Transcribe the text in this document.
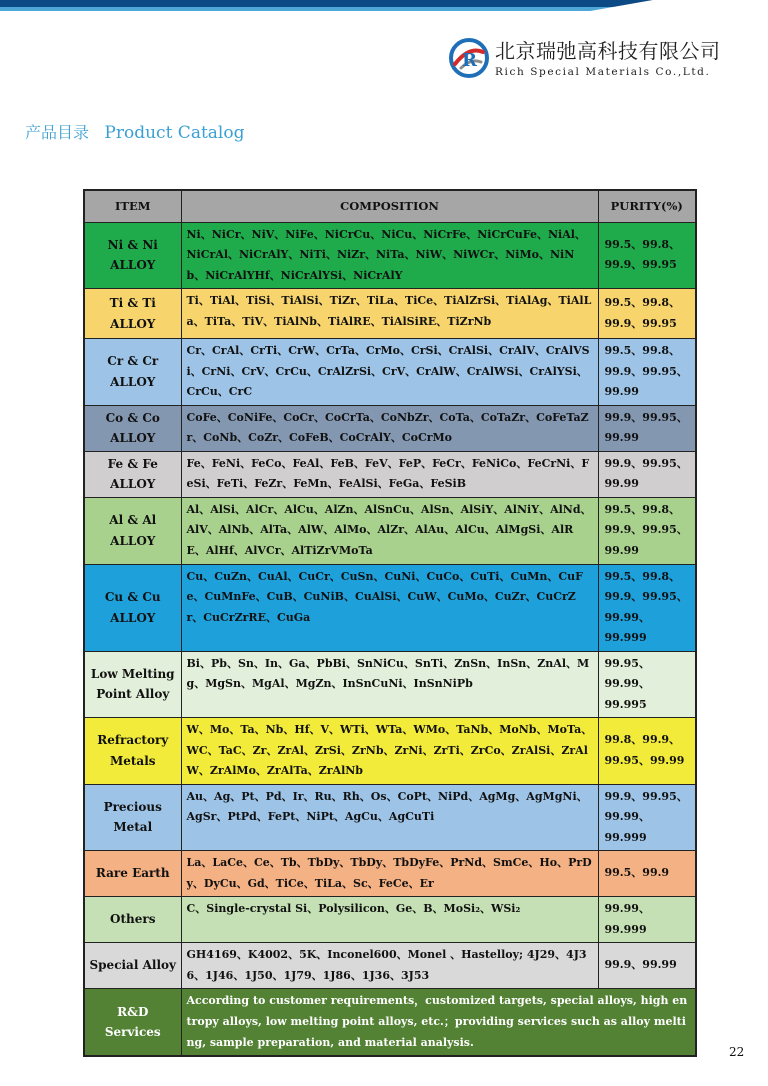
R 北京瑞弛高科技有限公司
Rich Special Materials Co.,Ltd.
产品目录 Product Catalog
ITEM	COMPOSITION	PURITY(%)

Ni & Ni
ALLOY	Ni、NiCr、NiV、NiFe、NiCrCu、NiCu、NiCrFe、NiCrCuFe、NiAl、NiCrAl、NiCrAlY、NiTi、NiZr、NiTa、NiW、NiWCr、NiMo、NiNb、NiCrAlYHf、NiCrAlYSi、NiCrAlY	99.5、99.8、99.9、99.95

Ti & Ti
ALLOY	Ti、TiAl、TiSi、TiAlSi、TiZr、TiLa、TiCe、TiAlZrSi、TiAlAg、TiAlLa、TiTa、TiV、TiAlNb、TiAlRE、TiAlSiRE、TiZrNb	99.5、99.8、99.9、99.95

Cr & Cr
ALLOY	Cr、CrAl、CrTi、CrW、CrTa、CrMo、CrSi、CrAlSi、CrAlV、CrAlVSi、CrNi、CrV、CrCu、CrAlZrSi、CrV、CrAlW、CrAlWSi、CrAlYSi、CrCu、CrC	99.5、99.8、99.9、99.95、99.99

Co & Co
ALLOY	CoFe、CoNiFe、CoCr、CoCrTa、CoNbZr、CoTa、CoTaZr、CoFeTaZr、CoNb、CoZr、CoFeB、CoCrAlY、CoCrMo	99.9、99.95、99.99

Fe & Fe
ALLOY	Fe、FeNi、FeCo、FeAl、FeB、FeV、FeP、FeCr、FeNiCo、FeCrNi、FeSi、FeTi、FeZr、FeMn、FeAlSi、FeGa、FeSiB	99.9、99.95、99.99

Al & Al
ALLOY	Al、AlSi、AlCr、AlCu、AlZn、AlSnCu、AlSn、AlSiY、AlNiY、AlNd、AlV、AlNb、AlTa、AlW、AlMo、AlZr、AlAu、AlCu、AlMgSi、AlRE、AlHf、AlVCr、AlTiZrVMoTa	99.5、99.8、99.9、99.95、99.99

Cu & Cu
ALLOY	Cu、CuZn、CuAl、CuCr、CuSn、CuNi、CuCo、CuTi、CuMn、CuFe、CuMnFe、CuB、CuNiB、CuAlSi、CuW、CuMo、CuZr、CuCrZr、CuCrZrRE、CuGa	99.5、99.8、99.9、99.95、99.99、99.999

Low Melting
Point Alloy	Bi、Pb、Sn、In、Ga、PbBi、SnNiCu、SnTi、ZnSn、InSn、ZnAl、Mg、MgSn、MgAl、MgZn、InSnCuNi、InSnNiPb	99.95、99.99、99.995

Refractory
Metals	W、Mo、Ta、Nb、Hf、V、WTi、WTa、WMo、TaNb、MoNb、MoTa、WC、TaC、Zr、ZrAl、ZrSi、ZrNb、ZrNi、ZrTi、ZrCo、ZrAlSi、ZrAlW、ZrAlMo、ZrAlTa、ZrAlNb	99.8、99.9、99.95、99.99

Precious
Metal	Au、Ag、Pt、Pd、Ir、Ru、Rh、Os、CoPt、NiPd、AgMg、AgMgNi、AgSr、PtPd、FePt、NiPt、AgCu、AgCuTi	99.9、99.95、99.99、99.999

Rare Earth	La、LaCe、Ce、Tb、TbDy、TbDy、TbDyFe、PrNd、SmCe、Ho、PrDy、DyCu、Gd、TiCe、TiLa、Sc、FeCe、Er	99.5、99.9

Others	C、Single-crystal Si、Polysilicon、Ge、B、MoSi₂、WSi₂	99.99、99.999

Special Alloy	GH4169、K4002、5K、Inconel600、Monel 、Hastelloy; 4J29、4J36、1J46、1J50、1J79、1J86、1J36、3J53	99.9、99.99

R&D
Services	According to customer requirements，customized targets, special alloys, high entropy alloys, low melting point alloys, etc.；providing services such as alloy melting, sample preparation, and material analysis.	
22
